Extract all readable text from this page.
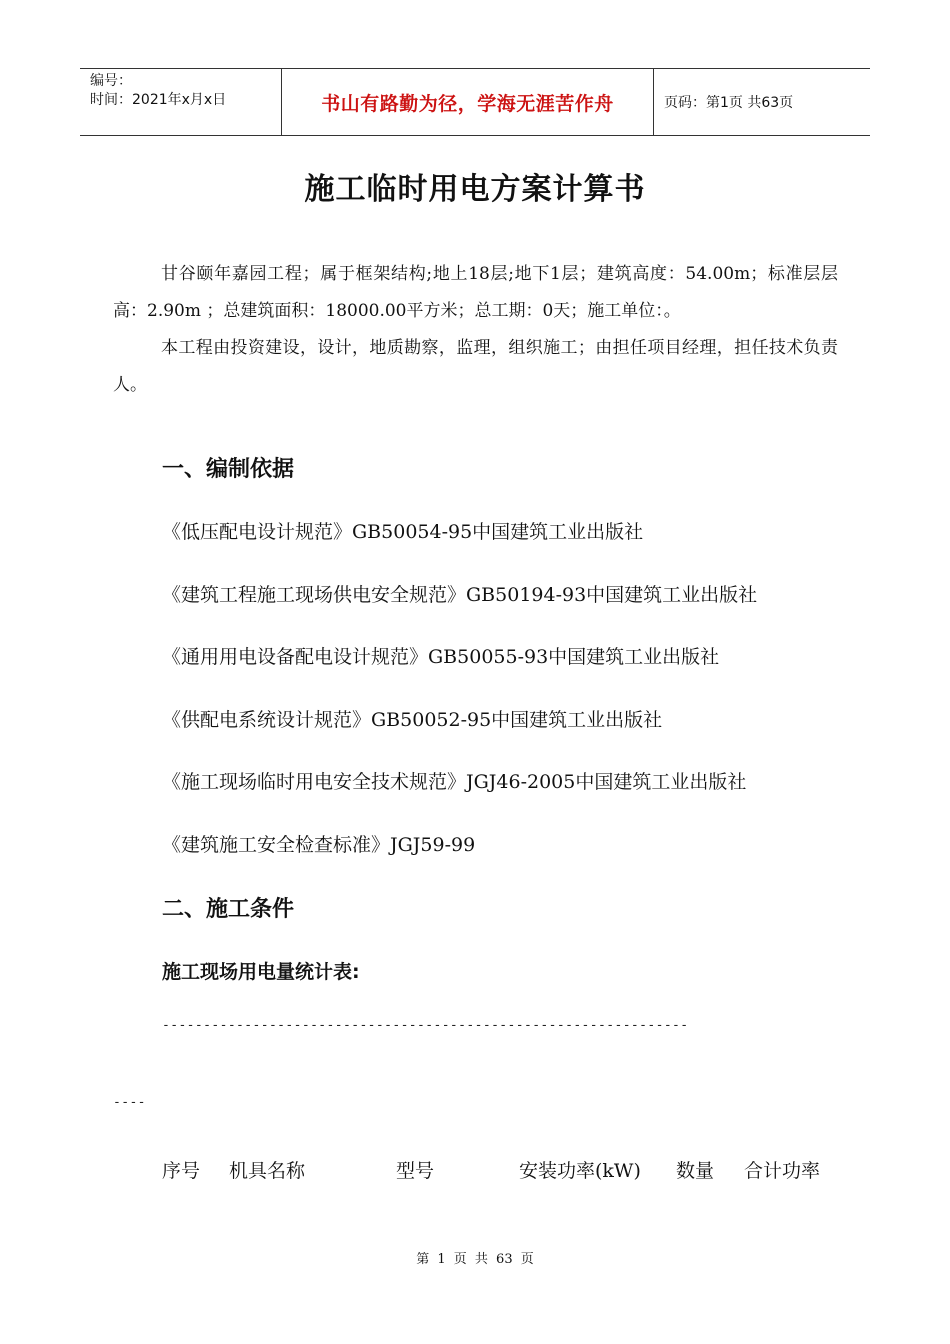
编号：
时间：2021年x月x日	书山有路勤为径，学海无涯苦作舟	页码：第1页 共63页
施工临时用电方案计算书
甘谷颐年嘉园工程；属于框架结构;地上18层;地下1层；建筑高度：54.00m；标准层层高：2.90m ；总建筑面积：18000.00平方米；总工期：0天；施工单位：。
本工程由投资建设，设计，地质勘察，监理，组织施工；由担任项目经理，担任技术负责人。
一、编制依据
《低压配电设计规范》GB50054-95中国建筑工业出版社
《建筑工程施工现场供电安全规范》GB50194-93中国建筑工业出版社
《通用用电设备配电设计规范》GB50055-93中国建筑工业出版社
《供配电系统设计规范》GB50052-95中国建筑工业出版社
《施工现场临时用电安全技术规范》JGJ46-2005中国建筑工业出版社
《建筑施工安全检查标准》JGJ59-99
二、施工条件
施工现场用电量统计表:
----------------------------------------------------------------
----
序号 机具名称	型号	安装功率(kW) 数量 合计功率
第 1 页 共 63 页
